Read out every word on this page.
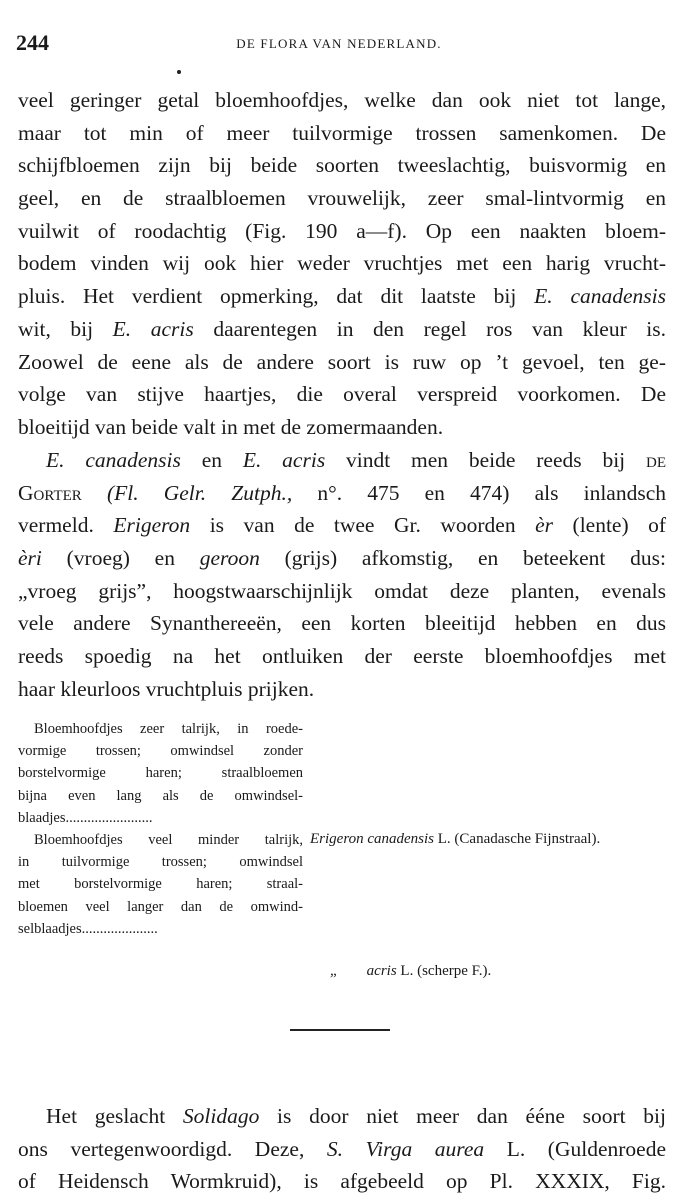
244	DE FLORA VAN NEDERLAND.
veel geringer getal bloemhoofdjes, welke dan ook niet tot lange,
maar tot min of meer tuilvormige trossen samenkomen. De
schijfbloemen zijn bij beide soorten tweeslachtig, buisvormig en
geel, en de straalbloemen vrouwelijk, zeer smal-lintvormig en
vuilwit of roodachtig (Fig. 190 a—f). Op een naakten bloem-
bodem vinden wij ook hier weder vruchtjes met een harig vrucht-
pluis. Het verdient opmerking, dat dit laatste bij E. canadensis
wit, bij E. acris daarentegen in den regel ros van kleur is.
Zoowel de eene als de andere soort is ruw op ’t gevoel, ten ge-
volge van stijve haartjes, die overal verspreid voorkomen. De
bloeitijd van beide valt in met de zomermaanden.
E. canadensis en E. acris vindt men beide reeds bij de
Gorter (Fl. Gelr. Zutph., n°. 475 en 474) als inlandsch
vermeld. Erigeron is van de twee Gr. woorden èr (lente) of
èri (vroeg) en geroon (grijs) afkomstig, en beteekent dus:
„vroeg grijs”, hoogstwaarschijnlijk omdat deze planten, evenals
vele andere Synanthereeën, een korten bleeitijd hebben en dus
reeds spoedig na het ontluiken der eerste bloemhoofdjes met
haar kleurloos vruchtpluis prijken.
Bloemhoofdjes zeer talrijk, in roede-
vormige trossen; omwindsel zonder
borstelvormige haren; straalbloemen
bijna even lang als de omwindsel-
blaadjes........................
Bloemhoofdjes veel minder talrijk,
in tuilvormige trossen; omwindsel
met borstelvormige haren; straal-
bloemen veel langer dan de omwind-
selblaadjes.....................
Erigeron canadensis L. (Canadasche Fijnstraal).
„ acris L. (scherpe F.).
Het geslacht Solidago is door niet meer dan ééne soort bij
ons vertegenwoordigd. Deze, S. Virga aurea L. (Guldenroede
of Heidensch Wormkruid), is afgebeeld op Pl. XXXIX, Fig.
